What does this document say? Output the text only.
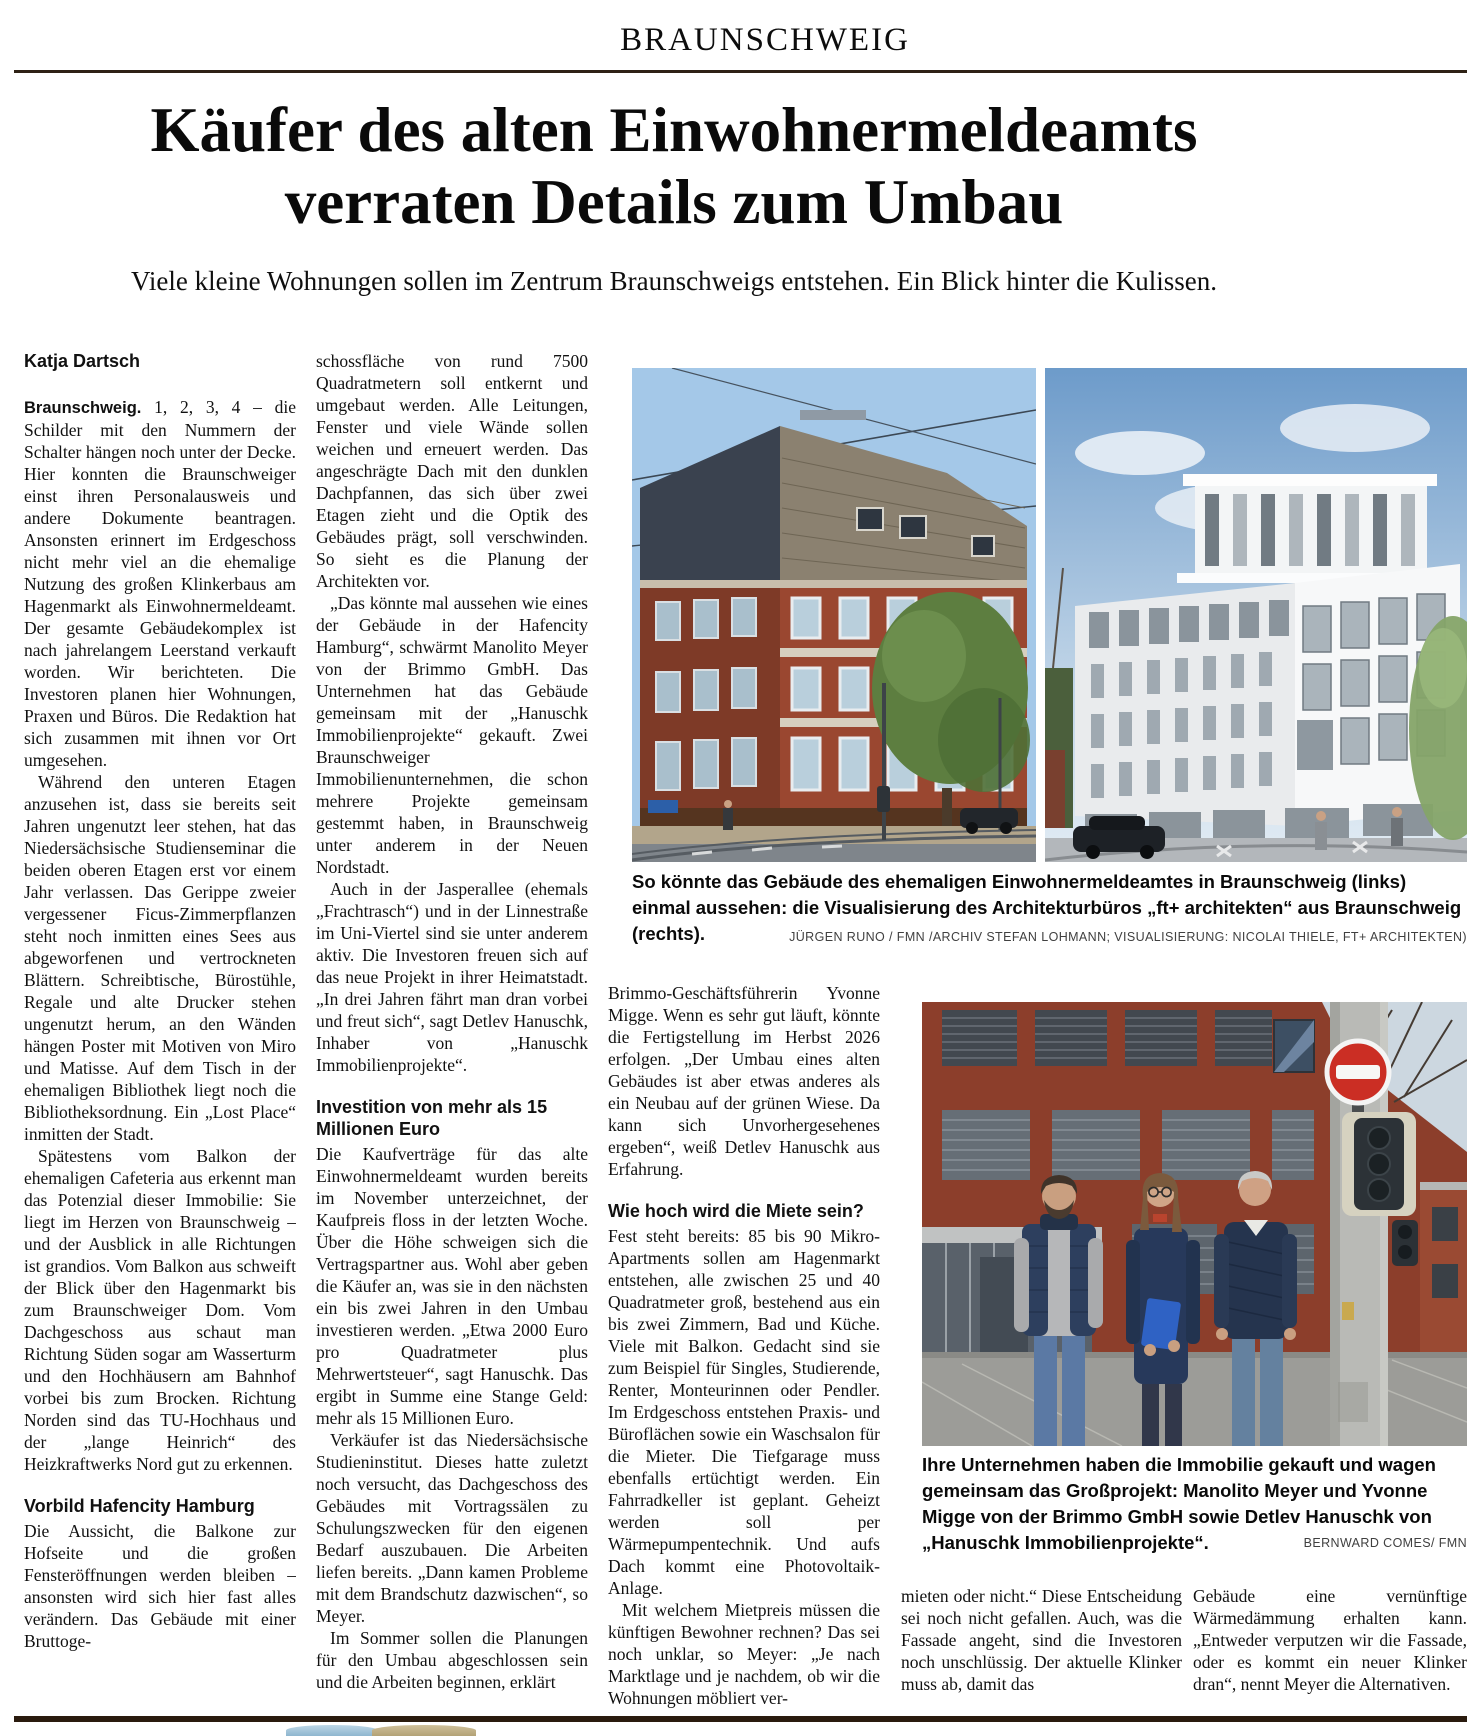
BRAUNSCHWEIG
Käufer des alten Einwohnermeldeamts
verraten Details zum Umbau
Viele kleine Wohnungen sollen im Zentrum Braunschweigs entstehen. Ein Blick hinter die Kulissen.

Katja Dartsch

Braunschweig. 1, 2, 3, 4 – die Schilder mit den Nummern der Schalter hängen noch unter der Decke. Hier konnten die Braunschweiger einst ihren Personalausweis und andere Dokumente beantragen. Ansonsten erinnert im Erdgeschoss nicht mehr viel an die ehemalige Nutzung des großen Klinkerbaus am Hagenmarkt als Einwohnermeldeamt. Der gesamte Gebäudekomplex ist nach jahrelangem Leerstand verkauft worden. Wir berichteten. Die Investoren planen hier Wohnungen, Praxen und Büros. Die Redaktion hat sich zusammen mit ihnen vor Ort umgesehen.

Während den unteren Etagen anzusehen ist, dass sie bereits seit Jahren ungenutzt leer stehen, hat das Niedersächsische Studienseminar die beiden oberen Etagen erst vor einem Jahr verlassen. Das Gerippe zweier vergessener Ficus-Zimmerpflanzen steht noch inmitten eines Sees aus abgeworfenen und vertrockneten Blättern. Schreibtische, Bürostühle, Regale und alte Drucker stehen ungenutzt herum, an den Wänden hängen Poster mit Motiven von Miro und Matisse. Auf dem Tisch in der ehemaligen Bibliothek liegt noch die Bibliotheksordnung. Ein „Lost Place“ inmitten der Stadt.

Spätestens vom Balkon der ehemaligen Cafeteria aus erkennt man das Potenzial dieser Immobilie: Sie liegt im Herzen von Braunschweig – und der Ausblick in alle Richtungen ist grandios. Vom Balkon aus schweift der Blick über den Hagenmarkt bis zum Braunschweiger Dom. Vom Dachgeschoss aus schaut man Richtung Süden sogar am Wasserturm und den Hochhäusern am Bahnhof vorbei bis zum Brocken. Richtung Norden sind das TU-Hochhaus und der „lange Heinrich“ des Heizkraftwerks Nord gut zu erkennen.

Vorbild Hafencity Hamburg

Die Aussicht, die Balkone zur Hofseite und die großen Fensteröffnungen werden bleiben – ansonsten wird sich hier fast alles verändern. Das Gebäude mit einer Bruttoge-

schossfläche von rund 7500 Quadratmetern soll entkernt und umgebaut werden. Alle Leitungen, Fenster und viele Wände sollen weichen und erneuert werden. Das angeschrägte Dach mit den dunklen Dachpfannen, das sich über zwei Etagen zieht und die Optik des Gebäudes prägt, soll verschwinden. So sieht es die Planung der Architekten vor.

„Das könnte mal aussehen wie eines der Gebäude in der Hafencity Hamburg“, schwärmt Manolito Meyer von der Brimmo GmbH. Das Unternehmen hat das Gebäude gemeinsam mit der „Hanuschk Immobilienprojekte“ gekauft. Zwei Braunschweiger Immobilienunternehmen, die schon mehrere Projekte gemeinsam gestemmt haben, in Braunschweig unter anderem in der Neuen Nordstadt.

Auch in der Jasperallee (ehemals „Frachtrasch“) und in der Linnestraße im Uni-Viertel sind sie unter anderem aktiv. Die Investoren freuen sich auf das neue Projekt in ihrer Heimatstadt. „In drei Jahren fährt man dran vorbei und freut sich“, sagt Detlev Hanuschk, Inhaber von „Hanuschk Immobilienprojekte“.

Investition von mehr als 15 Millionen Euro

Die Kaufverträge für das alte Einwohnermeldeamt wurden bereits im November unterzeichnet, der Kaufpreis floss in der letzten Woche. Über die Höhe schweigen sich die Vertragspartner aus. Wohl aber geben die Käufer an, was sie in den nächsten ein bis zwei Jahren in den Umbau investieren werden. „Etwa 2000 Euro pro Quadratmeter plus Mehrwertsteuer“, sagt Hanuschk. Das ergibt in Summe eine Stange Geld: mehr als 15 Millionen Euro.

Verkäufer ist das Niedersächsische Studieninstitut. Dieses hatte zuletzt noch versucht, das Dachgeschoss des Gebäudes mit Vortragssälen zu Schulungszwecken für den eigenen Bedarf auszubauen. Die Arbeiten liefen bereits. „Dann kamen Probleme mit dem Brandschutz dazwischen“, so Meyer.

Im Sommer sollen die Planungen für den Umbau abgeschlossen sein und die Arbeiten beginnen, erklärt

Brimmo-Geschäftsführerin Yvonne Migge. Wenn es sehr gut läuft, könnte die Fertigstellung im Herbst 2026 erfolgen. „Der Umbau eines alten Gebäudes ist aber etwas anderes als ein Neubau auf der grünen Wiese. Da kann sich Unvorhergesehenes ergeben“, weiß Detlev Hanuschk aus Erfahrung.

Wie hoch wird die Miete sein?

Fest steht bereits: 85 bis 90 Mikro-Apartments sollen am Hagenmarkt entstehen, alle zwischen 25 und 40 Quadratmeter groß, bestehend aus ein bis zwei Zimmern, Bad und Küche. Viele mit Balkon. Gedacht sind sie zum Beispiel für Singles, Studierende, Renter, Monteurinnen oder Pendler. Im Erdgeschoss entstehen Praxis- und Büroflächen sowie ein Waschsalon für die Mieter. Die Tiefgarage muss ebenfalls ertüchtigt werden. Ein Fahrradkeller ist geplant. Geheizt werden soll per Wärmepumpentechnik. Und aufs Dach kommt eine Photovoltaik-Anlage.

Mit welchem Mietpreis müssen die künftigen Bewohner rechnen? Das sei noch unklar, so Meyer: „Je nach Marktlage und je nachdem, ob wir die Wohnungen möbliert ver-

mieten oder nicht.“ Diese Entscheidung sei noch nicht gefallen. Auch, was die Fassade angeht, sind die Investoren noch unschlüssig. Der aktuelle Klinker muss ab, damit das

Gebäude eine vernünftige Wärmedämmung erhalten kann. „Entweder verputzen wir die Fassade, oder es kommt ein neuer Klinker dran“, nennt Meyer die Alternativen.

So könnte das Gebäude des ehemaligen Einwohnermeldeamtes in Braunschweig (links) einmal aussehen: die Visualisierung des Architekturbüros „ft+ architekten“ aus Braunschweig (rechts).	JÜRGEN RUNO / FMN /ARCHIV STEFAN LOHMANN; VISUALISIERUNG: NICOLAI THIELE, FT+ ARCHITEKTEN)
Ihre Unternehmen haben die Immobilie gekauft und wagen gemeinsam das Großprojekt: Manolito Meyer und Yvonne Migge von der Brimmo GmbH sowie Detlev Hanuschk von „Hanuschk Immobilienprojekte“.	BERNWARD COMES/ FMN
